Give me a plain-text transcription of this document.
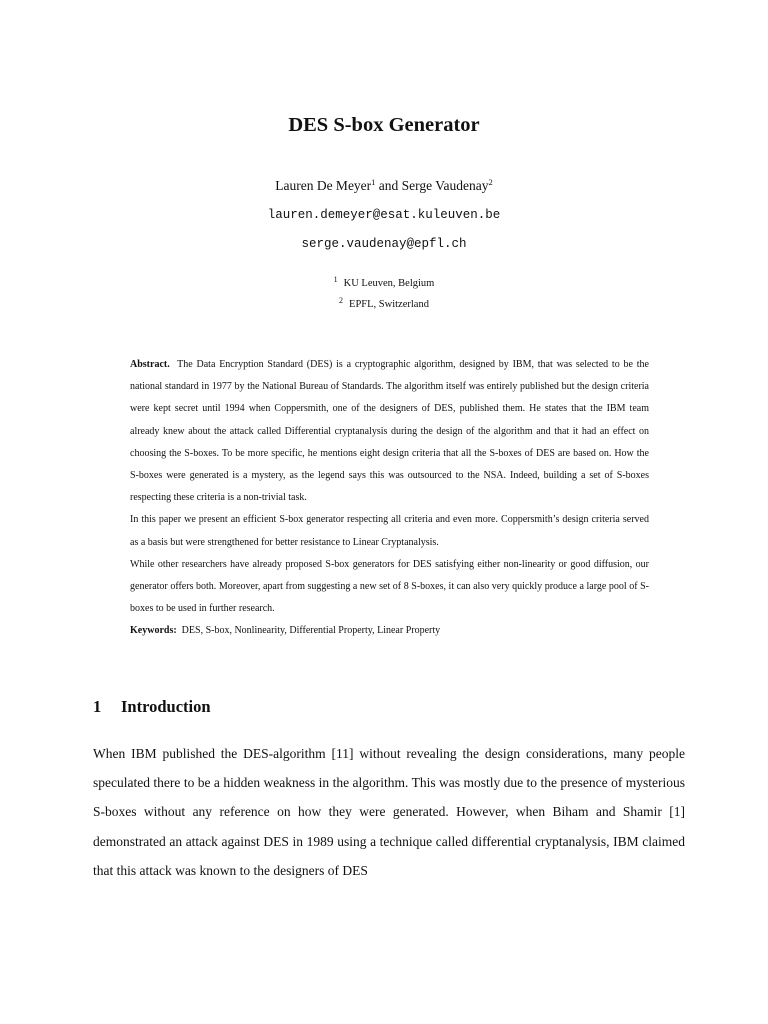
DES S-box Generator
Lauren De Meyer$^1$ and Serge Vaudenay$^2$
lauren.demeyer@esat.kuleuven.be
serge.vaudenay@epfl.ch
$^1$ KU Leuven, Belgium
$^2$ EPFL, Switzerland

Abstract. The Data Encryption Standard (DES) is a cryptographic algorithm, designed by IBM, that was selected to be the national standard in 1977 by the National Bureau of Standards. The algorithm itself was entirely published but the design criteria were kept secret until 1994 when Coppersmith, one of the designers of DES, published them. He states that the IBM team already knew about the attack called Differential cryptanalysis during the design of the algorithm and that it had an effect on choosing the S-boxes. To be more specific, he mentions eight design criteria that all the S-boxes of DES are based on. How the S-boxes were generated is a mystery, as the legend says this was outsourced to the NSA. Indeed, building a set of S-boxes respecting these criteria is a non-trivial task.

In this paper we present an efficient S-box generator respecting all criteria and even more. Coppersmith’s design criteria served as a basis but were strengthened for better resistance to Linear Cryptanalysis.

While other researchers have already proposed S-box generators for DES satisfying either non-linearity or good diffusion, our generator offers both. Moreover, apart from suggesting a new set of 8 S-boxes, it can also very quickly produce a large pool of S-boxes to be used in further research.

Keywords: DES, S-box, Nonlinearity, Differential Property, Linear Property

1 Introduction

When IBM published the DES-algorithm [11] without revealing the design considerations, many people speculated there to be a hidden weakness in the algorithm. This was mostly due to the presence of mysterious S-boxes without any reference on how they were generated. However, when Biham and Shamir [1] demonstrated an attack against DES in 1989 using a technique called differential cryptanalysis, IBM claimed that this attack was known to the designers of DES
